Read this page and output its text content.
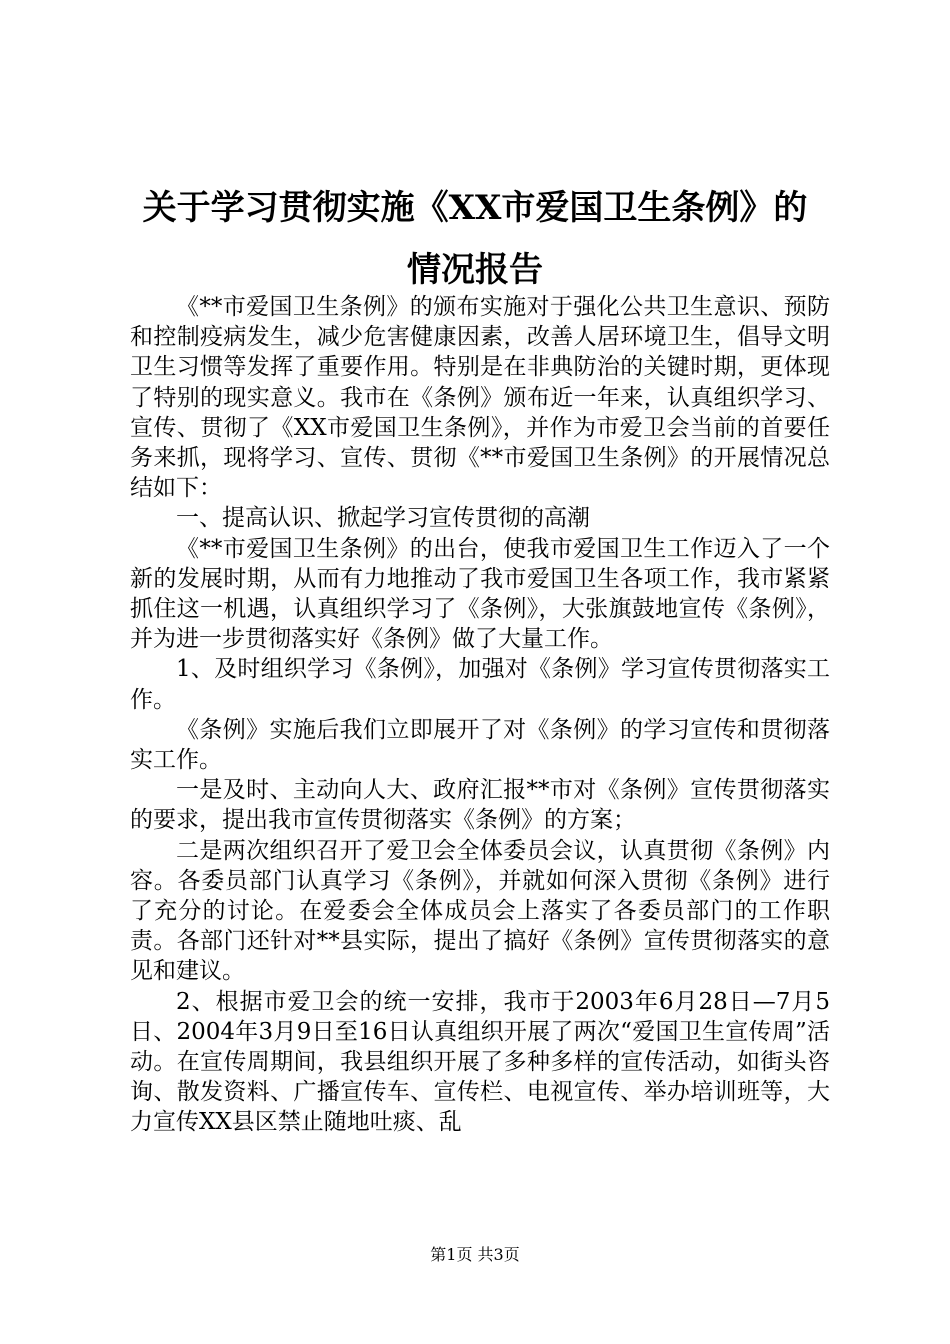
关于学习贯彻实施《XX市爱国卫生条例》的
情况报告

《**市爱国卫生条例》的颁布实施对于强化公共卫生意识、预防和控制疫病发生，减少危害健康因素，改善人居环境卫生，倡导文明卫生习惯等发挥了重要作用。特别是在非典防治的关键时期，更体现了特别的现实意义。我市在《条例》颁布近一年来，认真组织学习、宣传、贯彻了《XX市爱国卫生条例》，并作为市爱卫会当前的首要任务来抓，现将学习、宣传、贯彻《**市爱国卫生条例》的开展情况总结如下：

一、提高认识、掀起学习宣传贯彻的高潮

《**市爱国卫生条例》的出台，使我市爱国卫生工作迈入了一个新的发展时期，从而有力地推动了我市爱国卫生各项工作，我市紧紧抓住这一机遇，认真组织学习了《条例》，大张旗鼓地宣传《条例》，并为进一步贯彻落实好《条例》做了大量工作。

1、及时组织学习《条例》，加强对《条例》学习宣传贯彻落实工作。

《条例》实施后我们立即展开了对《条例》的学习宣传和贯彻落实工作。

一是及时、主动向人大、政府汇报**市对《条例》宣传贯彻落实的要求，提出我市宣传贯彻落实《条例》的方案；

二是两次组织召开了爱卫会全体委员会议，认真贯彻《条例》内容。各委员部门认真学习《条例》，并就如何深入贯彻《条例》进行了充分的讨论。在爱委会全体成员会上落实了各委员部门的工作职责。各部门还针对**县实际，提出了搞好《条例》宣传贯彻落实的意见和建议。

2、根据市爱卫会的统一安排，我市于2003年6月28日—7月5日、2004年3月9日至16日认真组织开展了两次“爱国卫生宣传周”活动。在宣传周期间，我县组织开展了多种多样的宣传活动，如街头咨询、散发资料、广播宣传车、宣传栏、电视宣传、举办培训班等，大力宣传XX县区禁止随地吐痰、乱

第1页 共3页
